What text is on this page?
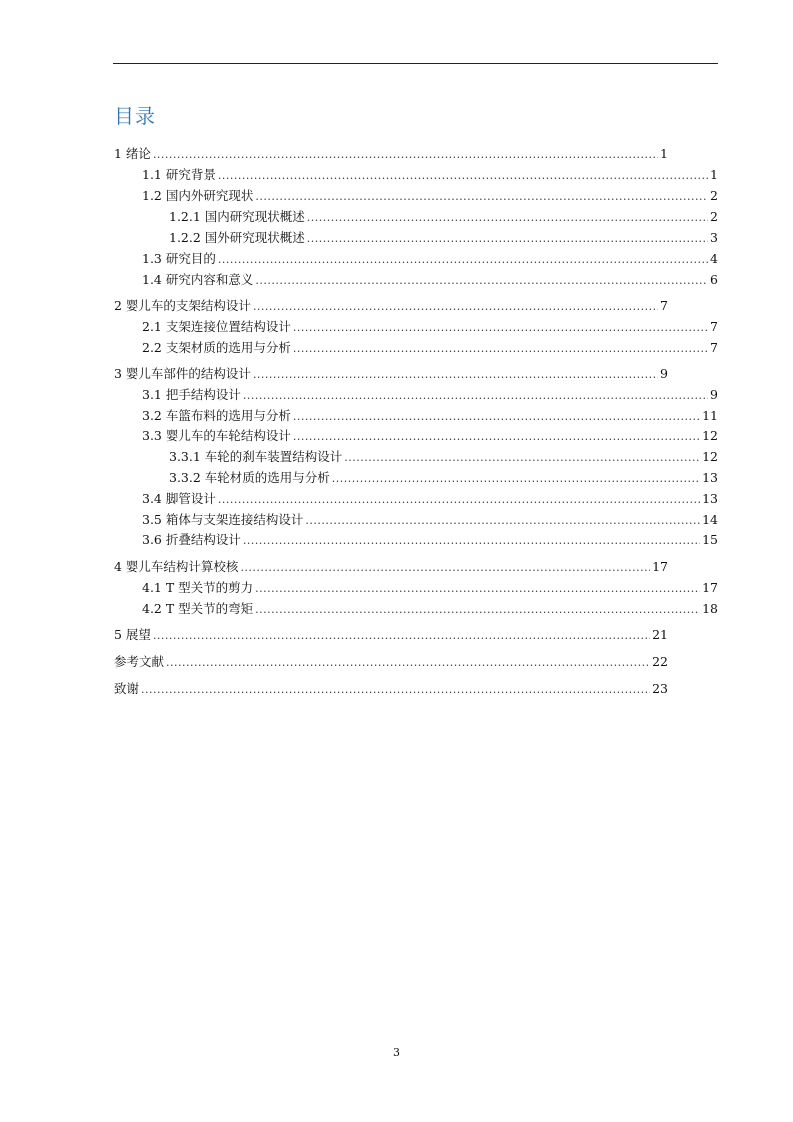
目录
1 绪论 .....	1
1.1 研究背景 .....	1
1.2 国内外研究现状 .....	2
1.2.1 国内研究现状概述 .....	2
1.2.2 国外研究现状概述 .....	3
1.3 研究目的 .....	4
1.4 研究内容和意义 .....	6
2 婴儿车的支架结构设计 .....	7
2.1 支架连接位置结构设计 .....	7
2.2 支架材质的选用与分析 .....	7
3 婴儿车部件的结构设计 .....	9
3.1 把手结构设计 .....	9
3.2 车篮布料的选用与分析 .....	11
3.3 婴儿车的车轮结构设计 .....	12
3.3.1 车轮的刹车装置结构设计 .....	12
3.3.2 车轮材质的选用与分析 .....	13
3.4 脚管设计 .....	13
3.5 箱体与支架连接结构设计 .....	14
3.6 折叠结构设计 .....	15
4 婴儿车结构计算校核 .....	17
4.1 T 型关节的剪力 .....	17
4.2 T 型关节的弯矩 .....	18
5 展望 .....	21
参考文献 .....	22
致谢 .....	23
3
